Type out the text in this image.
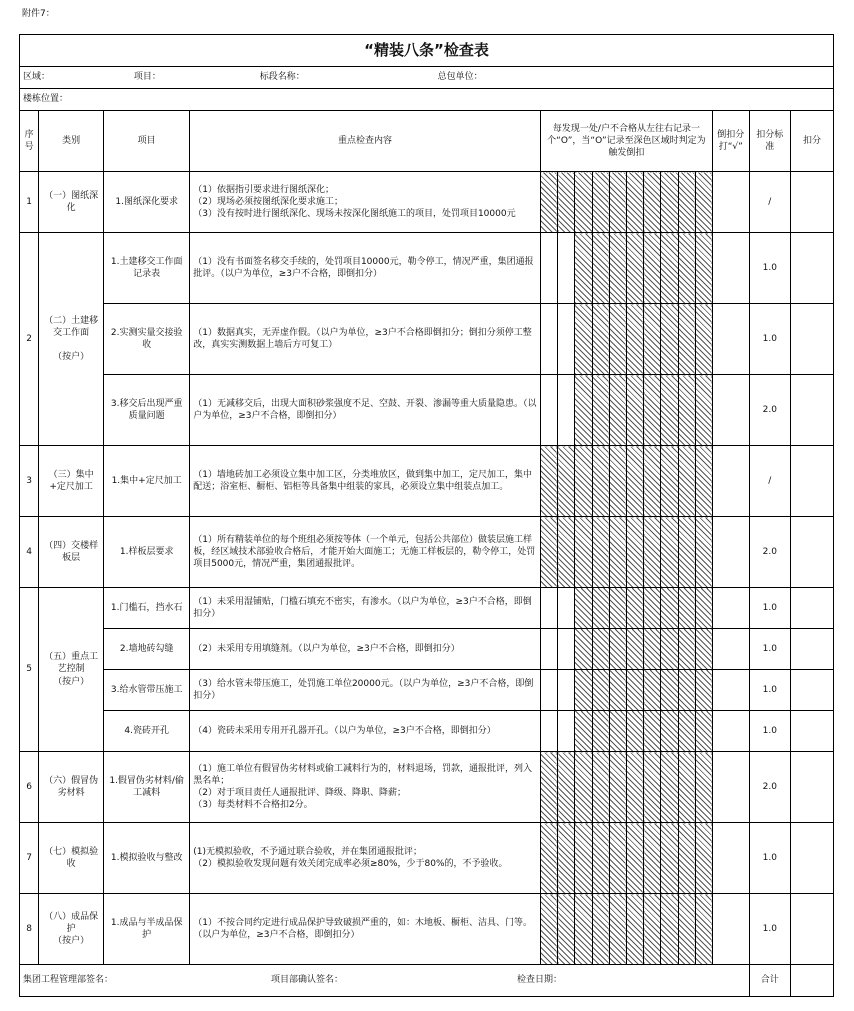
附件7：
“精装八条”检查表																
区域： 项目： 标段名称： 总包单位：																
楼栋位置：																
序号	类别	项目	重点检查内容	每发现一处/户不合格从左往右记录一个“O”，当“O”记录至深色区域时判定为触发倒扣										倒扣分打“√”	扣分标准	扣分
1	（一）图纸深化	1.图纸深化要求	（1）依据指引要求进行图纸深化；
（2）现场必须按图纸深化要求施工；
（3）没有按时进行图纸深化、现场未按深化图纸施工的项目，处罚项目10000元												/	
2	（二）土建移交工作面

（按户）	1.土建移交工作面记录表	（1）没有书面签名移交手续的，处罚项目10000元，勒令停工，情况严重，集团通报批评。（以户为单位，≥3户不合格，即倒扣分）												1.0	
		2.实测实量交接验收	（1）数据真实，无弄虚作假。（以户为单位，≥3户不合格即倒扣分；倒扣分须停工整改，真实实测数据上墙后方可复工）												1.0	
		3.移交后出现严重质量问题	（1）无减移交后，出现大面积砂浆强度不足、空鼓、开裂、渗漏等重大质量隐患。（以户为单位，≥3户不合格，即倒扣分）												2.0	
3	（三）集中+定尺加工	1.集中+定尺加工	（1）墙地砖加工必须设立集中加工区，分类堆放区，做到集中加工，定尺加工，集中配送；浴室柜、橱柜、铝柜等具备集中组装的家具，必须设立集中组装点加工。												/	
4	（四）交楼样板层	1.样板层要求	（1）所有精装单位的每个班组必须按等体（一个单元，包括公共部位）做装层施工样板，经区域技术部验收合格后，才能开始大面施工；无施工样板层的，勒令停工，处罚项目5000元，情况严重，集团通报批评。												2.0	
5	（五）重点工艺控制
（按户）	1.门槛石，挡水石	（1）未采用湿铺贴，门槛石填充不密实，有渗水。（以户为单位，≥3户不合格，即倒扣分）												1.0	
		2.墙地砖勾缝	（2）未采用专用填缝剂。（以户为单位，≥3户不合格，即倒扣分）												1.0	
		3.给水管带压施工	（3）给水管未带压施工，处罚施工单位20000元。（以户为单位，≥3户不合格，即倒扣分）												1.0	
		4.瓷砖开孔	（4）瓷砖未采用专用开孔器开孔。（以户为单位，≥3户不合格，即倒扣分）												1.0	
6	（六）假冒伪劣材料	1.假冒伪劣材料/偷工减料	（1）施工单位有假冒伪劣材料或偷工减料行为的，材料退场，罚款，通报批评，列入黑名单；
（2）对于项目责任人通报批评、降级、降职、降薪；
（3）每类材料不合格扣2分。												2.0	
7	（七）模拟验收	1.模拟验收与整改	(1)无模拟验收，不予通过联合验收，并在集团通报批评；
（2）模拟验收发现问题有效关闭完成率必须≥80%，少于80%的，不予验收。												1.0	
8	（八）成品保护
（按户）	1.成品与半成品保护	（1）不按合同约定进行成品保护导致破损严重的，如：木地板、橱柜、洁具、门等。（以户为单位，≥3户不合格，即倒扣分）												1.0	
集团工程管理部签名： 项目部确认签名： 检查日期：															合计	
